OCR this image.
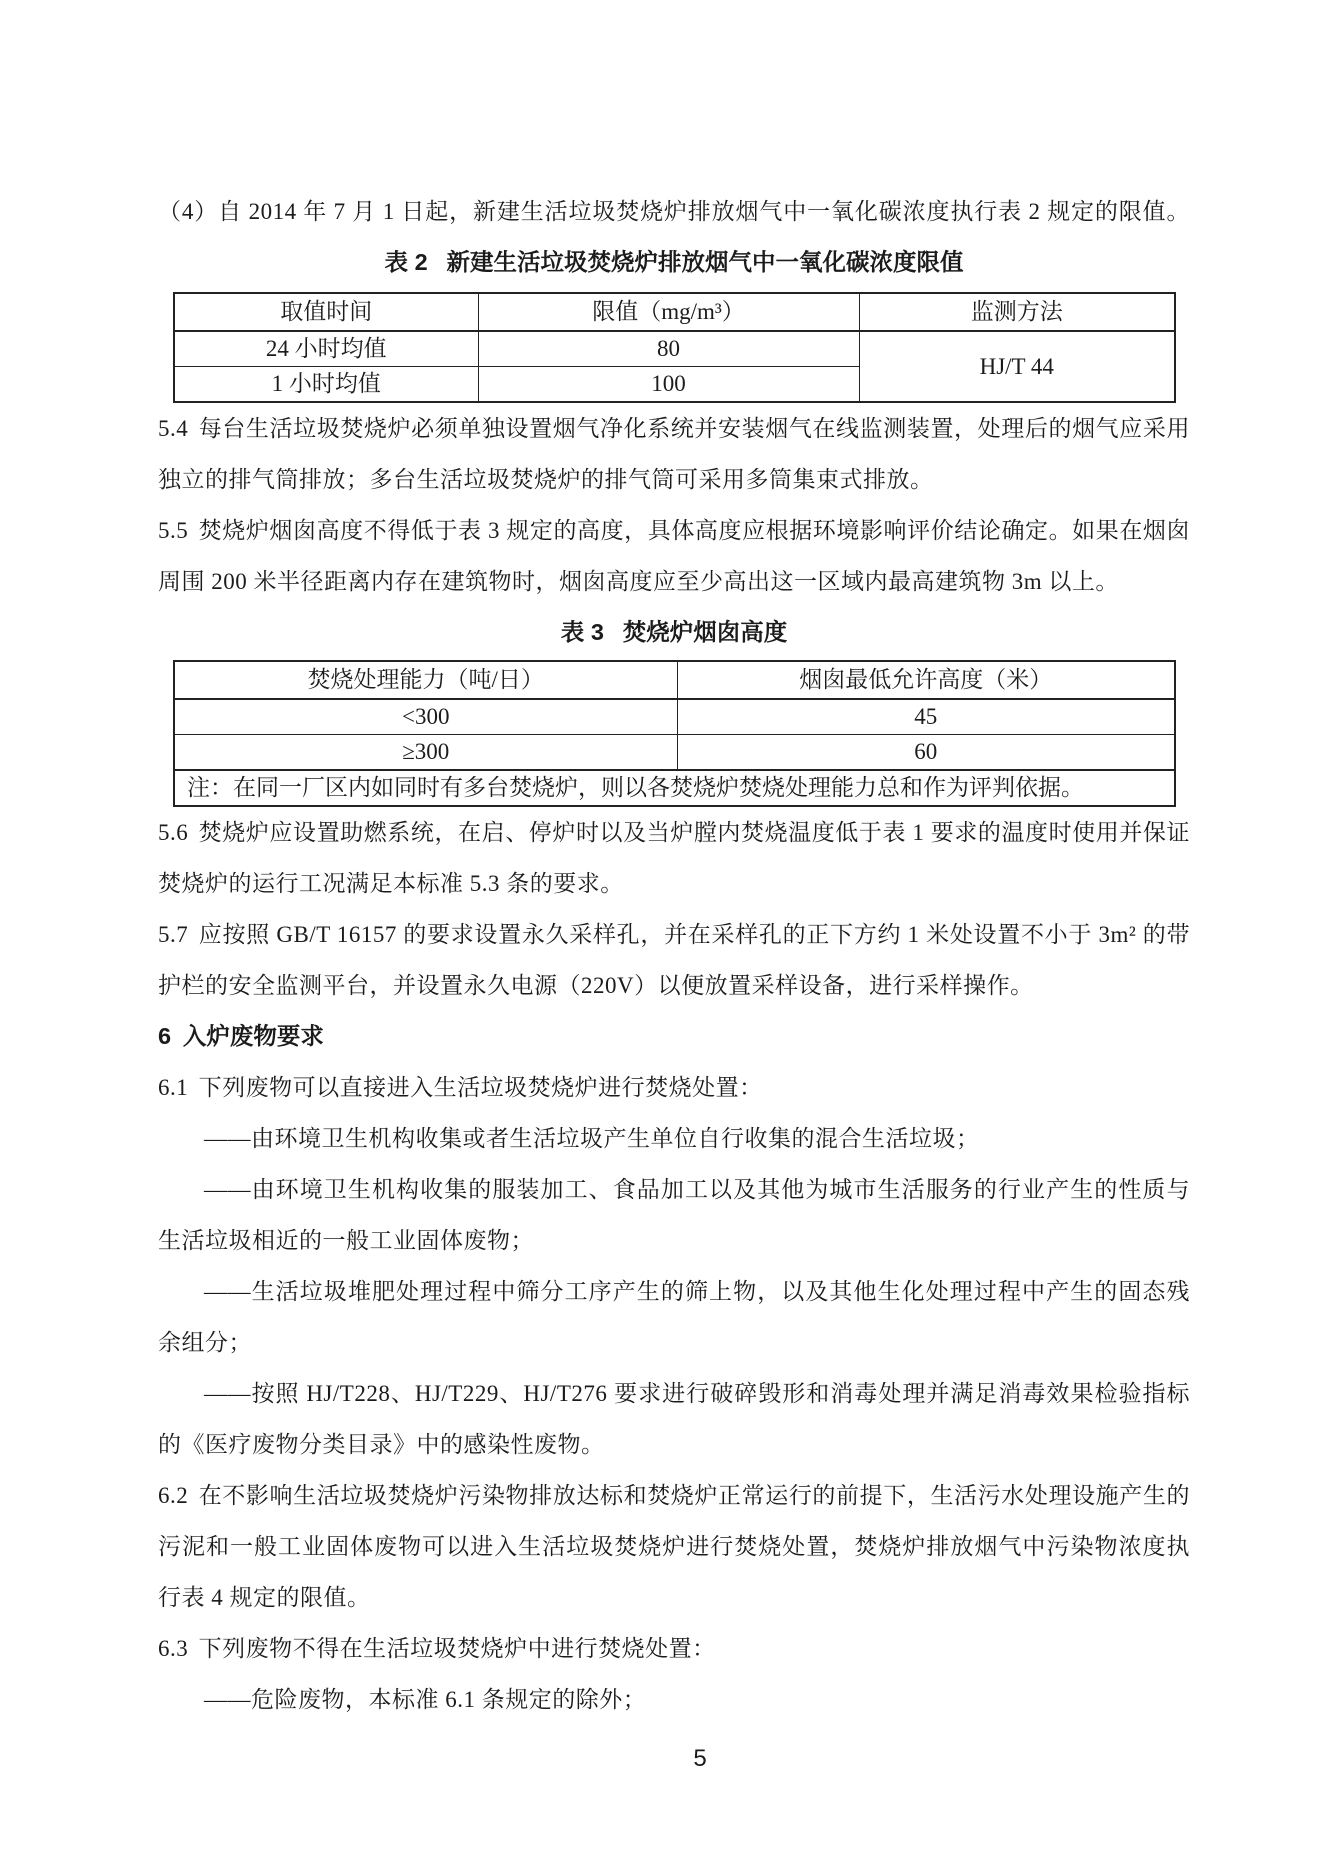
（4）自 2014 年 7 月 1 日起，新建生活垃圾焚烧炉排放烟气中一氧化碳浓度执行表 2 规定的限值。

表 2 新建生活垃圾焚烧炉排放烟气中一氧化碳浓度限值

取值时间	限值（mg/m³）	监测方法
24 小时均值	80	HJ/T 44
1 小时均值	100	

5.4 每台生活垃圾焚烧炉必须单独设置烟气净化系统并安装烟气在线监测装置，处理后的烟气应采用独立的排气筒排放；多台生活垃圾焚烧炉的排气筒可采用多筒集束式排放。

5.5 焚烧炉烟囱高度不得低于表 3 规定的高度，具体高度应根据环境影响评价结论确定。如果在烟囱周围 200 米半径距离内存在建筑物时，烟囱高度应至少高出这一区域内最高建筑物 3m 以上。

表 3 焚烧炉烟囱高度

焚烧处理能力（吨/日）	烟囱最低允许高度（米）
<300	45
≥300	60
注：在同一厂区内如同时有多台焚烧炉，则以各焚烧炉焚烧处理能力总和作为评判依据。	

5.6 焚烧炉应设置助燃系统，在启、停炉时以及当炉膛内焚烧温度低于表 1 要求的温度时使用并保证焚烧炉的运行工况满足本标准 5.3 条的要求。

5.7 应按照 GB/T 16157 的要求设置永久采样孔，并在采样孔的正下方约 1 米处设置不小于 3m² 的带护栏的安全监测平台，并设置永久电源（220V）以便放置采样设备，进行采样操作。

6 入炉废物要求

6.1 下列废物可以直接进入生活垃圾焚烧炉进行焚烧处置：

——由环境卫生机构收集或者生活垃圾产生单位自行收集的混合生活垃圾；

——由环境卫生机构收集的服装加工、食品加工以及其他为城市生活服务的行业产生的性质与生活垃圾相近的一般工业固体废物；

——生活垃圾堆肥处理过程中筛分工序产生的筛上物，以及其他生化处理过程中产生的固态残余组分；

——按照 HJ/T228、HJ/T229、HJ/T276 要求进行破碎毁形和消毒处理并满足消毒效果检验指标的《医疗废物分类目录》中的感染性废物。

6.2 在不影响生活垃圾焚烧炉污染物排放达标和焚烧炉正常运行的前提下，生活污水处理设施产生的污泥和一般工业固体废物可以进入生活垃圾焚烧炉进行焚烧处置，焚烧炉排放烟气中污染物浓度执行表 4 规定的限值。

6.3 下列废物不得在生活垃圾焚烧炉中进行焚烧处置：

——危险废物，本标准 6.1 条规定的除外；

5
